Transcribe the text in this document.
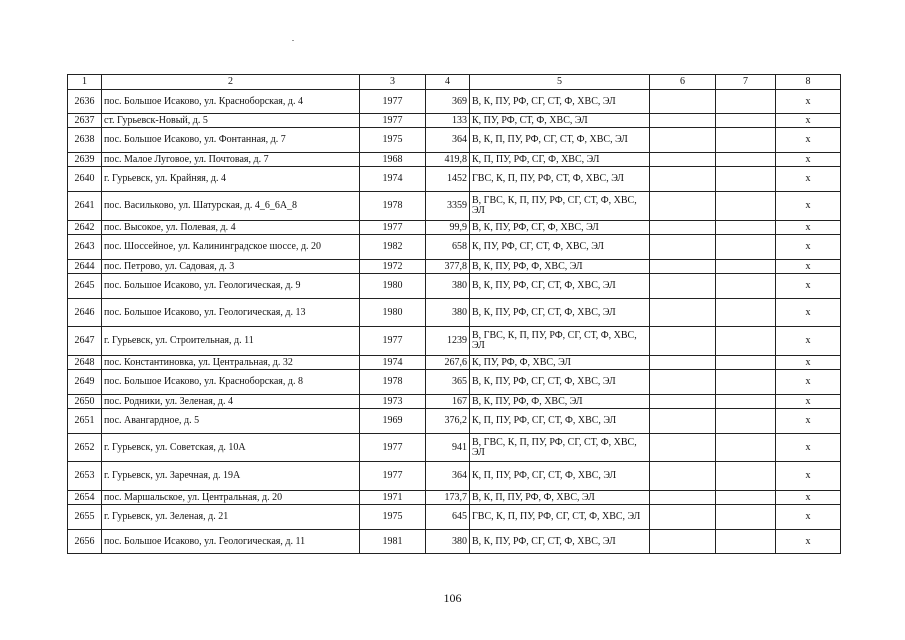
1	2	3	4	5	6	7	8
2636	пос. Большое Исаково, ул. Красноборская, д. 4	1977	369	В, К, ПУ, РФ, СГ, СТ, Ф, ХВС, ЭЛ			x
2637	ст. Гурьевск-Новый, д. 5	1977	133	К, ПУ, РФ, СТ, Ф, ХВС, ЭЛ			x
2638	пос. Большое Исаково, ул. Фонтанная, д. 7	1975	364	В, К, П, ПУ, РФ, СГ, СТ, Ф, ХВС, ЭЛ			x
2639	пос. Малое Луговое, ул. Почтовая, д. 7	1968	419,8	К, П, ПУ, РФ, СГ, Ф, ХВС, ЭЛ			x
2640	г. Гурьевск, ул. Крайняя, д. 4	1974	1452	ГВС, К, П, ПУ, РФ, СТ, Ф, ХВС, ЭЛ			x
2641	пос. Васильково, ул. Шатурская, д. 4_6_6А_8	1978	3359	В, ГВС, К, П, ПУ, РФ, СГ, СТ, Ф, ХВС, ЭЛ			x
2642	пос. Высокое, ул. Полевая, д. 4	1977	99,9	В, К, ПУ, РФ, СГ, Ф, ХВС, ЭЛ			x
2643	пос. Шоссейное, ул. Калининградское шоссе, д. 20	1982	658	К, ПУ, РФ, СГ, СТ, Ф, ХВС, ЭЛ			x
2644	пос. Петрово, ул. Садовая, д. 3	1972	377,8	В, К, ПУ, РФ, Ф, ХВС, ЭЛ			x
2645	пос. Большое Исаково, ул. Геологическая, д. 9	1980	380	В, К, ПУ, РФ, СГ, СТ, Ф, ХВС, ЭЛ			x
2646	пос. Большое Исаково, ул. Геологическая, д. 13	1980	380	В, К, ПУ, РФ, СГ, СТ, Ф, ХВС, ЭЛ			x
2647	г. Гурьевск, ул. Строительная, д. 11	1977	1239	В, ГВС, К, П, ПУ, РФ, СГ, СТ, Ф, ХВС, ЭЛ			x
2648	пос. Константиновка, ул. Центральная, д. 32	1974	267,6	К, ПУ, РФ, Ф, ХВС, ЭЛ			x
2649	пос. Большое Исаково, ул. Красноборская, д. 8	1978	365	В, К, ПУ, РФ, СГ, СТ, Ф, ХВС, ЭЛ			x
2650	пос. Родники, ул. Зеленая, д. 4	1973	167	В, К, ПУ, РФ, Ф, ХВС, ЭЛ			x
2651	пос. Авангардное, д. 5	1969	376,2	К, П, ПУ, РФ, СГ, СТ, Ф, ХВС, ЭЛ			x
2652	г. Гурьевск, ул. Советская, д. 10А	1977	941	В, ГВС, К, П, ПУ, РФ, СГ, СТ, Ф, ХВС, ЭЛ			x
2653	г. Гурьевск, ул. Заречная, д. 19А	1977	364	К, П, ПУ, РФ, СГ, СТ, Ф, ХВС, ЭЛ			x
2654	пос. Маршальское, ул. Центральная, д. 20	1971	173,7	В, К, П, ПУ, РФ, Ф, ХВС, ЭЛ			x
2655	г. Гурьевск, ул. Зеленая, д. 21	1975	645	ГВС, К, П, ПУ, РФ, СГ, СТ, Ф, ХВС, ЭЛ			x
2656	пос. Большое Исаково, ул. Геологическая, д. 11	1981	380	В, К, ПУ, РФ, СГ, СТ, Ф, ХВС, ЭЛ			x
106
